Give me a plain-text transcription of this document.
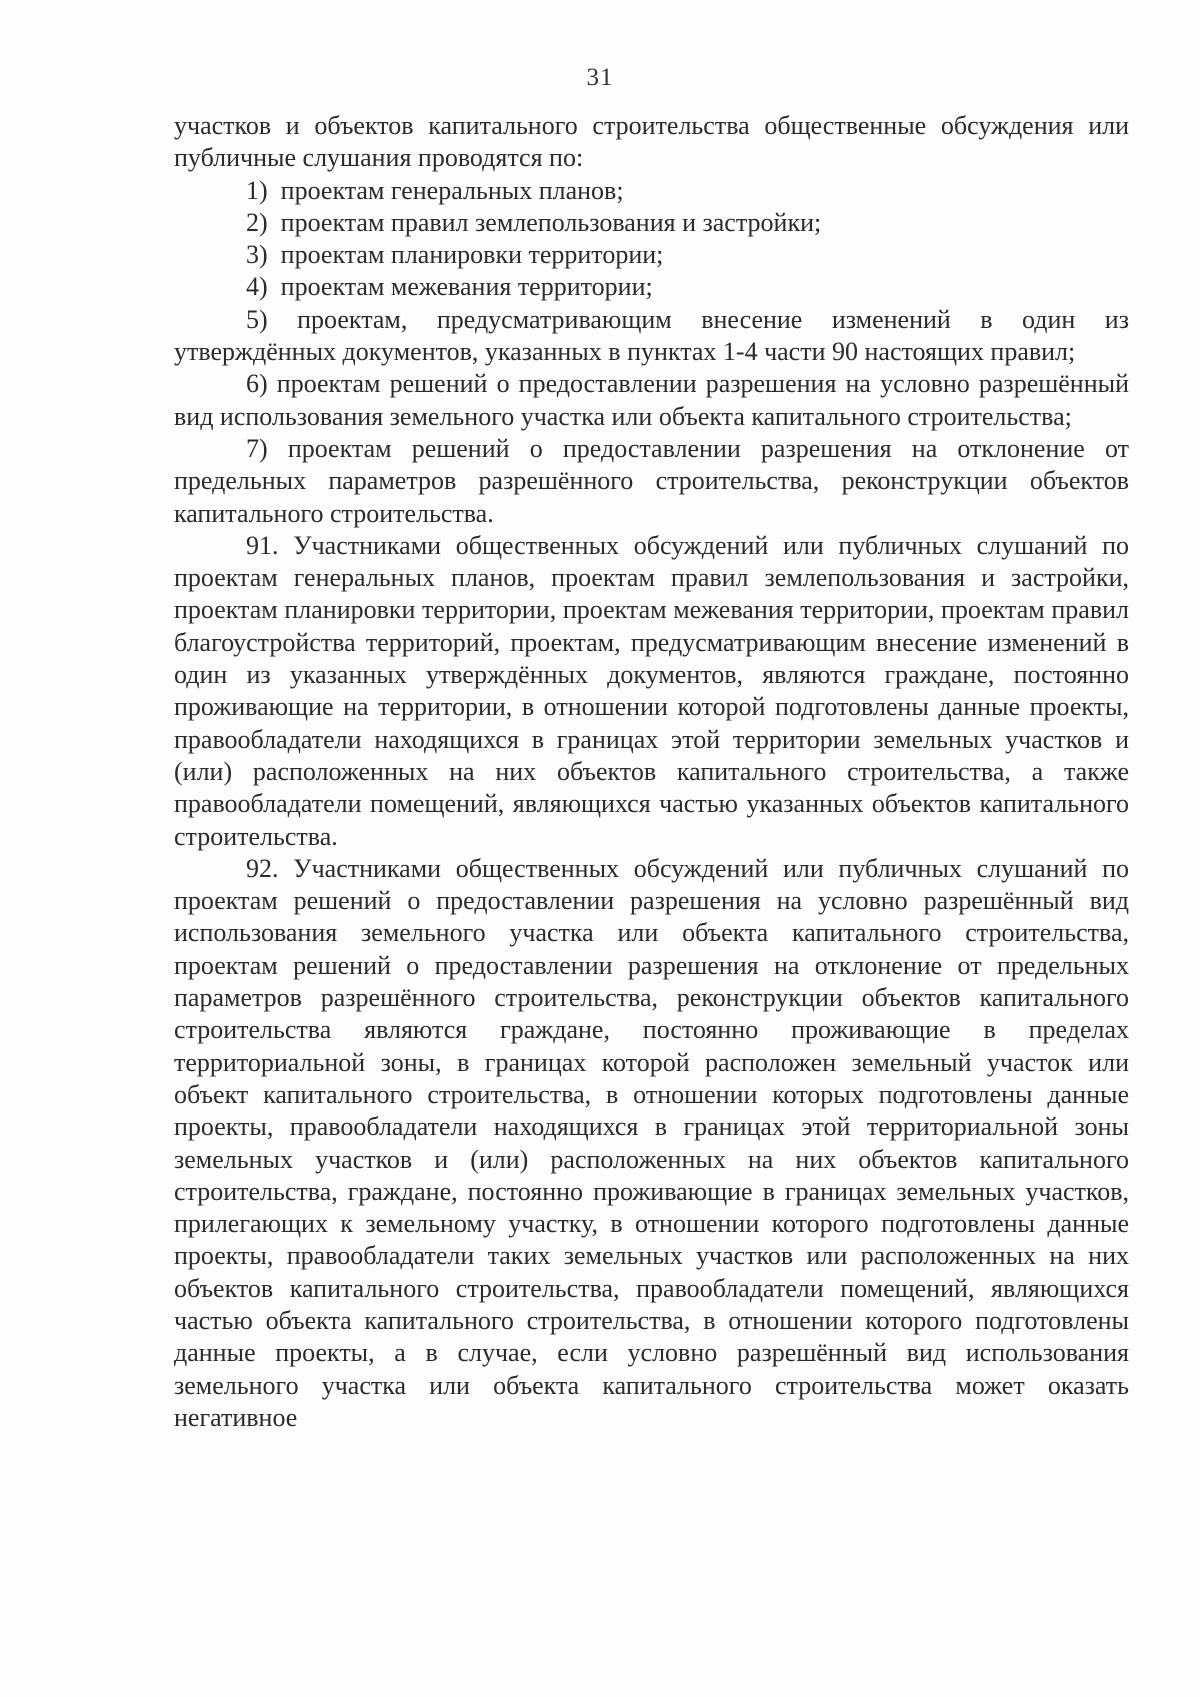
31

участков и объектов капитального строительства общественные обсуждения или публичные слушания проводятся по:

1) проектам генеральных планов;

2) проектам правил землепользования и застройки;

3) проектам планировки территории;

4) проектам межевания территории;

5) проектам, предусматривающим внесение изменений в один из утверждённых документов, указанных в пунктах 1-4 части 90 настоящих правил;

6) проектам решений о предоставлении разрешения на условно разрешённый вид использования земельного участка или объекта капитального строительства;

7) проектам решений о предоставлении разрешения на отклонение от предельных параметров разрешённого строительства, реконструкции объектов капитального строительства.

91. Участниками общественных обсуждений или публичных слушаний по проектам генеральных планов, проектам правил землепользования и застройки, проектам планировки территории, проектам межевания территории, проектам правил благоустройства территорий, проектам, предусматривающим внесение изменений в один из указанных утверждённых документов, являются граждане, постоянно проживающие на территории, в отношении которой подготовлены данные проекты, правообладатели находящихся в границах этой территории земельных участков и (или) расположенных на них объектов капитального строительства, а также правообладатели помещений, являющихся частью указанных объектов капитального строительства.

92. Участниками общественных обсуждений или публичных слушаний по проектам решений о предоставлении разрешения на условно разрешённый вид использования земельного участка или объекта капитального строительства, проектам решений о предоставлении разрешения на отклонение от предельных параметров разрешённого строительства, реконструкции объектов капитального строительства являются граждане, постоянно проживающие в пределах территориальной зоны, в границах которой расположен земельный участок или объект капитального строительства, в отношении которых подготовлены данные проекты, правообладатели находящихся в границах этой территориальной зоны земельных участков и (или) расположенных на них объектов капитального строительства, граждане, постоянно проживающие в границах земельных участков, прилегающих к земельному участку, в отношении которого подготовлены данные проекты, правообладатели таких земельных участков или расположенных на них объектов капитального строительства, правообладатели помещений, являющихся частью объекта капитального строительства, в отношении которого подготовлены данные проекты, а в случае, если условно разрешённый вид использования земельного участка или объекта капитального строительства может оказать негативное
